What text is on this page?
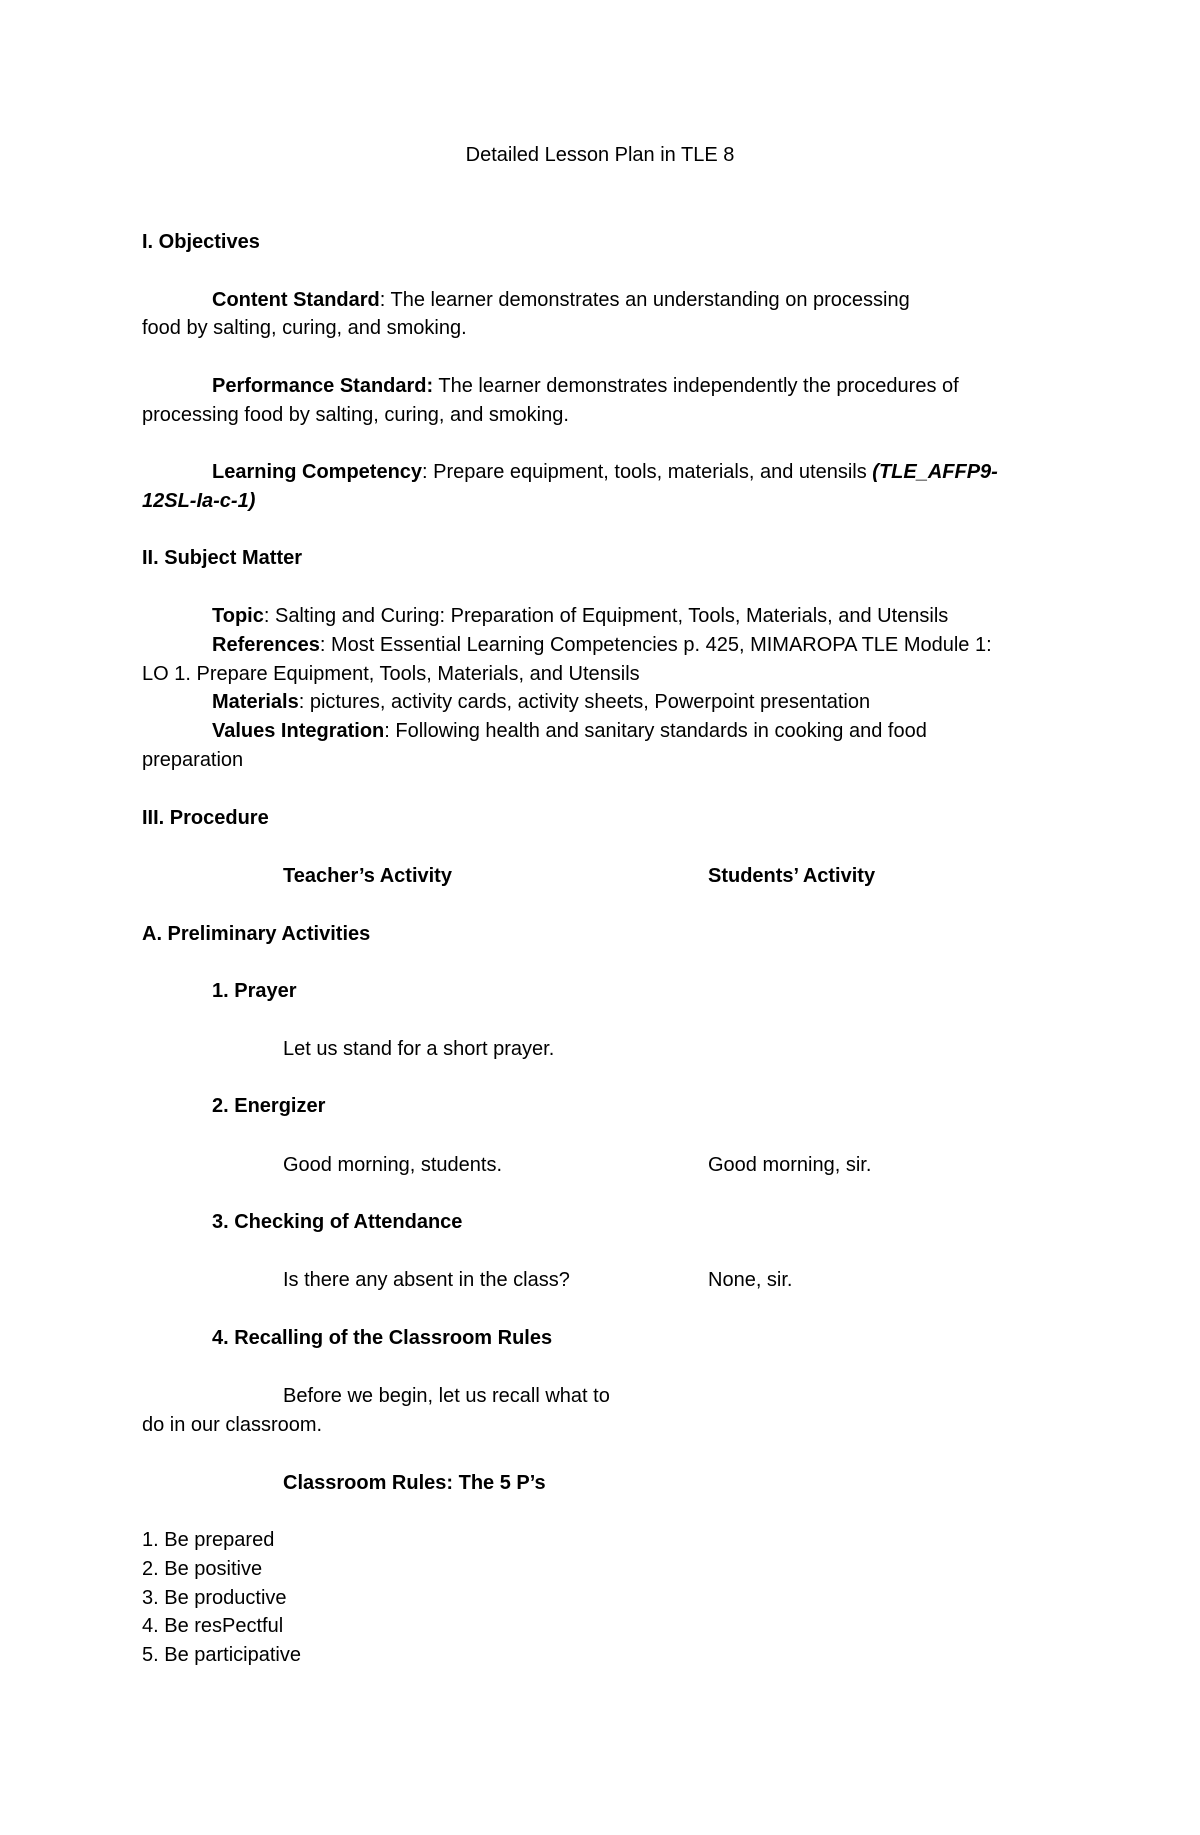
Detailed Lesson Plan in TLE 8
I. Objectives
Content Standard: The learner demonstrates an understanding on processing
food by salting, curing, and smoking.
Performance Standard: The learner demonstrates independently the procedures of
processing food by salting, curing, and smoking.
Learning Competency: Prepare equipment, tools, materials, and utensils (TLE_AFFP9-
12SL-Ia-c-1)
II. Subject Matter
Topic: Salting and Curing: Preparation of Equipment, Tools, Materials, and Utensils
References: Most Essential Learning Competencies p. 425, MIMAROPA TLE Module 1:
LO 1. Prepare Equipment, Tools, Materials, and Utensils
Materials: pictures, activity cards, activity sheets, Powerpoint presentation
Values Integration: Following health and sanitary standards in cooking and food
preparation
III. Procedure
Teacher’s Activity	Students’ Activity
A. Preliminary Activities
1. Prayer
Let us stand for a short prayer.
2. Energizer
Good morning, students.	Good morning, sir.
3. Checking of Attendance
Is there any absent in the class?	None, sir.
4. Recalling of the Classroom Rules
Before we begin, let us recall what to
do in our classroom.
Classroom Rules: The 5 P’s
1. Be prepared
2. Be positive
3. Be productive
4. Be resPectful
5. Be participative
